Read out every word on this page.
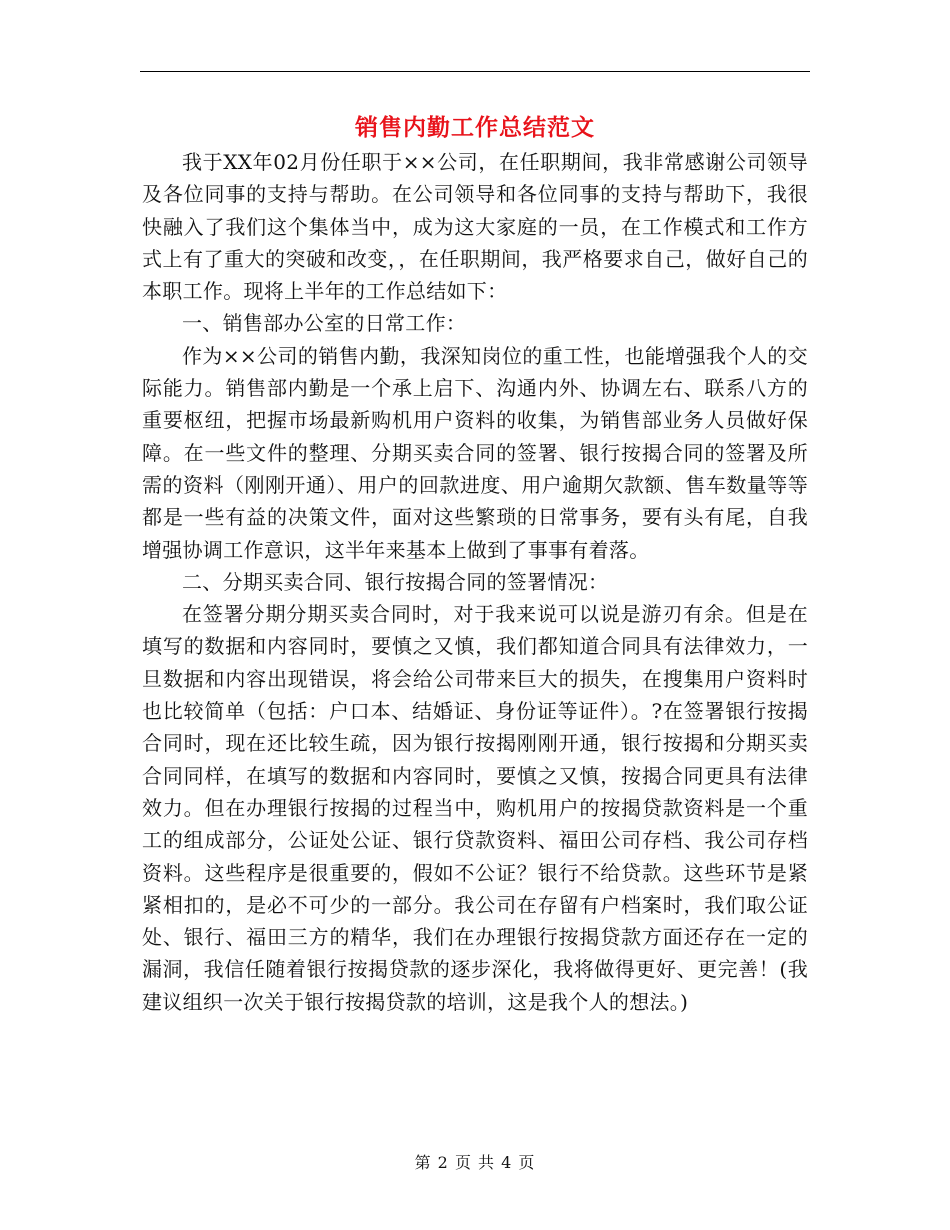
销售内勤工作总结范文

我于XX年02月份任职于××公司，在任职期间，我非常感谢公司领导及各位同事的支持与帮助。在公司领导和各位同事的支持与帮助下，我很快融入了我们这个集体当中，成为这大家庭的一员，在工作模式和工作方式上有了重大的突破和改变，，在任职期间，我严格要求自己，做好自己的本职工作。现将上半年的工作总结如下：

一、销售部办公室的日常工作：

作为××公司的销售内勤，我深知岗位的重工性，也能增强我个人的交际能力。销售部内勤是一个承上启下、沟通内外、协调左右、联系八方的重要枢纽，把握市场最新购机用户资料的收集，为销售部业务人员做好保障。在一些文件的整理、分期买卖合同的签署、银行按揭合同的签署及所需的资料（刚刚开通）、用户的回款进度、用户逾期欠款额、售车数量等等都是一些有益的决策文件，面对这些繁琐的日常事务，要有头有尾，自我增强协调工作意识，这半年来基本上做到了事事有着落。

二、分期买卖合同、银行按揭合同的签署情况：

在签署分期分期买卖合同时，对于我来说可以说是游刃有余。但是在填写的数据和内容同时，要慎之又慎，我们都知道合同具有法律效力，一旦数据和内容出现错误，将会给公司带来巨大的损失，在搜集用户资料时也比较简单（包括：户口本、结婚证、身份证等证件）。?在签署银行按揭合同时，现在还比较生疏，因为银行按揭刚刚开通，银行按揭和分期买卖合同同样，在填写的数据和内容同时，要慎之又慎，按揭合同更具有法律效力。但在办理银行按揭的过程当中，购机用户的按揭贷款资料是一个重工的组成部分，公证处公证、银行贷款资料、福田公司存档、我公司存档资料。这些程序是很重要的，假如不公证？银行不给贷款。这些环节是紧紧相扣的，是必不可少的一部分。我公司在存留有户档案时，我们取公证处、银行、福田三方的精华，我们在办理银行按揭贷款方面还存在一定的漏洞，我信任随着银行按揭贷款的逐步深化，我将做得更好、更完善！(我建议组织一次关于银行按揭贷款的培训，这是我个人的想法。)

第 2 页 共 4 页
